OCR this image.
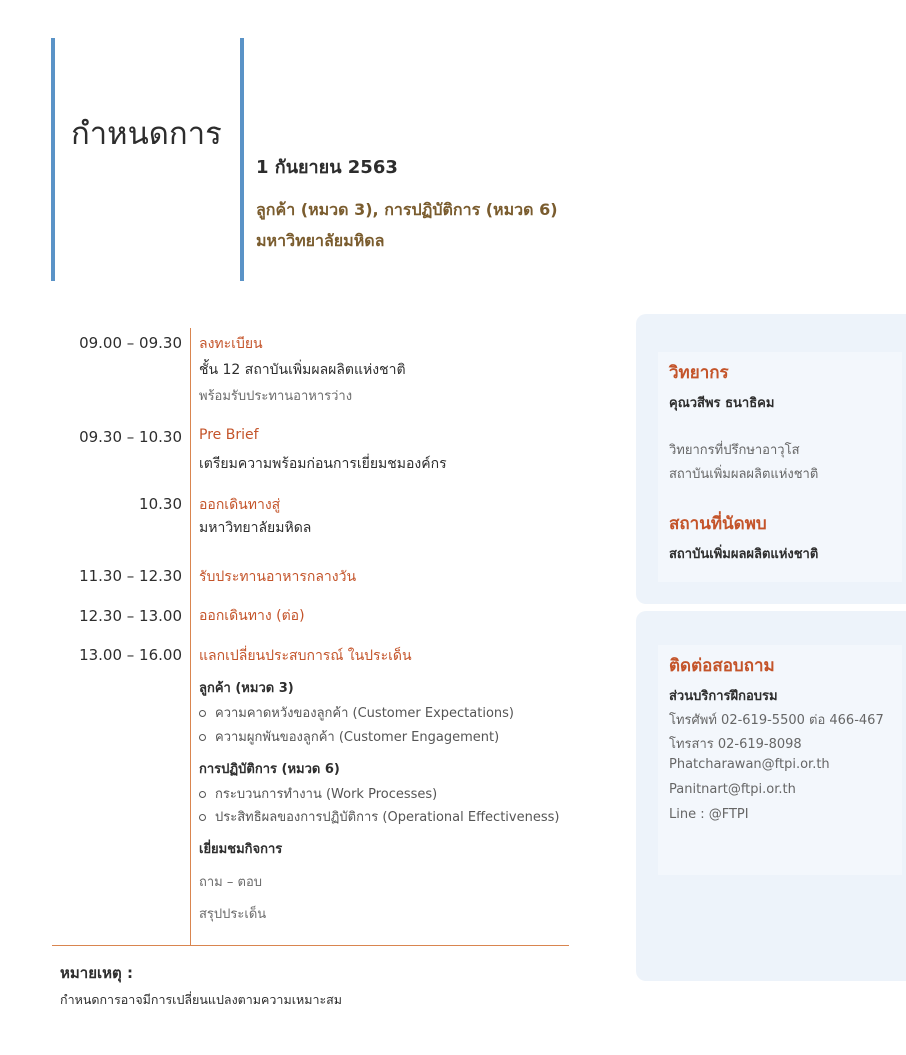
กำหนดการ
1 กันยายน 2563
ลูกค้า (หมวด 3), การปฏิบัติการ (หมวด 6)
มหาวิทยาลัยมหิดล
09.00 – 09.30 ลงทะเบียน
ชั้น 12 สถาบันเพิ่มผลผลิตแห่งชาติ
พร้อมรับประทานอาหารว่าง
09.30 – 10.30 Pre Brief
เตรียมความพร้อมก่อนการเยี่ยมชมองค์กร
10.30 ออกเดินทางสู่
มหาวิทยาลัยมหิดล
11.30 – 12.30 รับประทานอาหารกลางวัน
12.30 – 13.00 ออกเดินทาง (ต่อ)
13.00 – 16.00 แลกเปลี่ยนประสบการณ์ ในประเด็น
ลูกค้า (หมวด 3)
ความคาดหวังของลูกค้า (Customer Expectations)
ความผูกพันของลูกค้า (Customer Engagement)
การปฏิบัติการ (หมวด 6)
กระบวนการทำงาน (Work Processes)
ประสิทธิผลของการปฏิบัติการ (Operational Effectiveness)
เยี่ยมชมกิจการ
ถาม – ตอบ
สรุปประเด็น
หมายเหตุ :
กำหนดการอาจมีการเปลี่ยนแปลงตามความเหมาะสม
วิทยากร
คุณวสีพร ธนาธิคม
วิทยากรที่ปรึกษาอาวุโส
สถาบันเพิ่มผลผลิตแห่งชาติ
สถานที่นัดพบ
สถาบันเพิ่มผลผลิตแห่งชาติ
ติดต่อสอบถาม
ส่วนบริการฝึกอบรม
โทรศัพท์ 02-619-5500 ต่อ 466-467
โทรสาร 02-619-8098
Phatcharawan@ftpi.or.th
Panitnart@ftpi.or.th
Line : @FTPI
